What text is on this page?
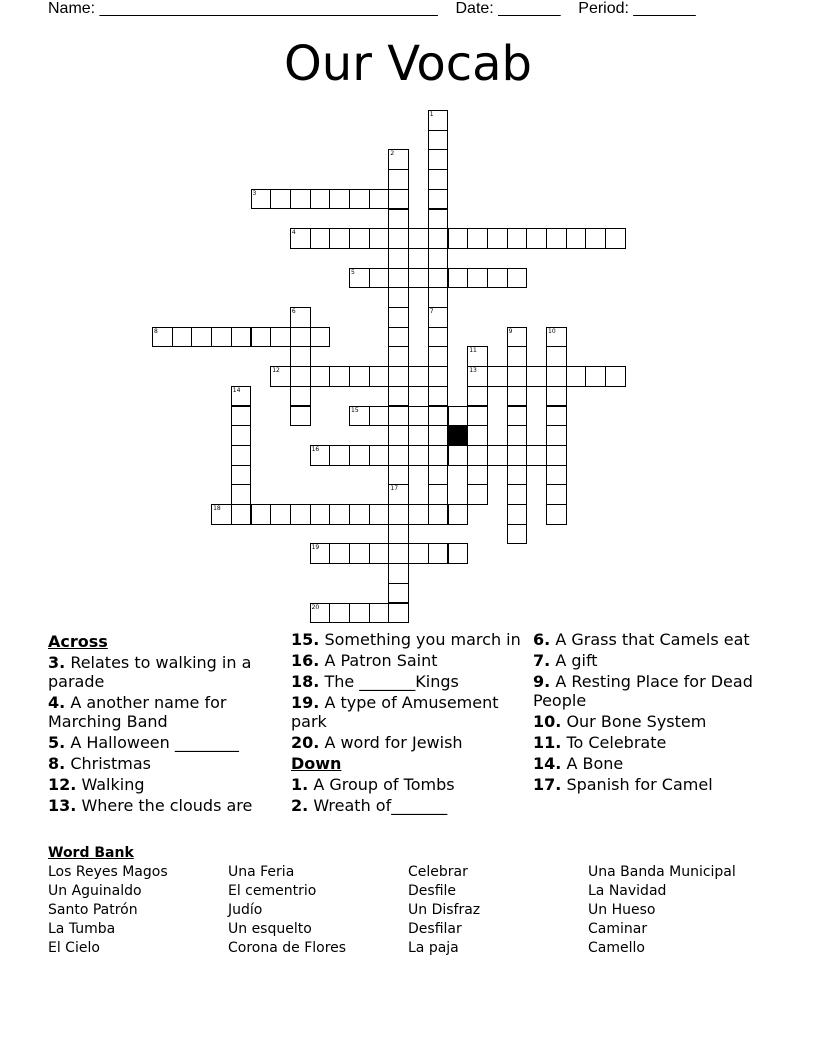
Name: ______________________________________ Date: _______ Period: _______
Our Vocab
1
7
2
17
3
4
5
6
8	9	10
11
13
12
14
15
16
18
19
20
Across
3. Relates to walking in a parade
4. A another name for Marching Band
5. A Halloween ________
8. Christmas
12. Walking
13. Where the clouds are
15. Something you march in
16. A Patron Saint
18. The _______Kings
19. A type of Amusement park
20. A word for Jewish
Down
1. A Group of Tombs
2. Wreath of_______
6. A Grass that Camels eat
7. A gift
9. A Resting Place for Dead People
10. Our Bone System
11. To Celebrate
14. A Bone
17. Spanish for Camel
Word Bank
Los Reyes Magos
Un Aguinaldo
Santo Patrón
La Tumba
El Cielo
Una Feria
El cementrio
Judío
Un esquelto
Corona de Flores
Celebrar
Desfile
Un Disfraz
Desfilar
La paja
Una Banda Municipal
La Navidad
Un Hueso
Caminar
Camello
